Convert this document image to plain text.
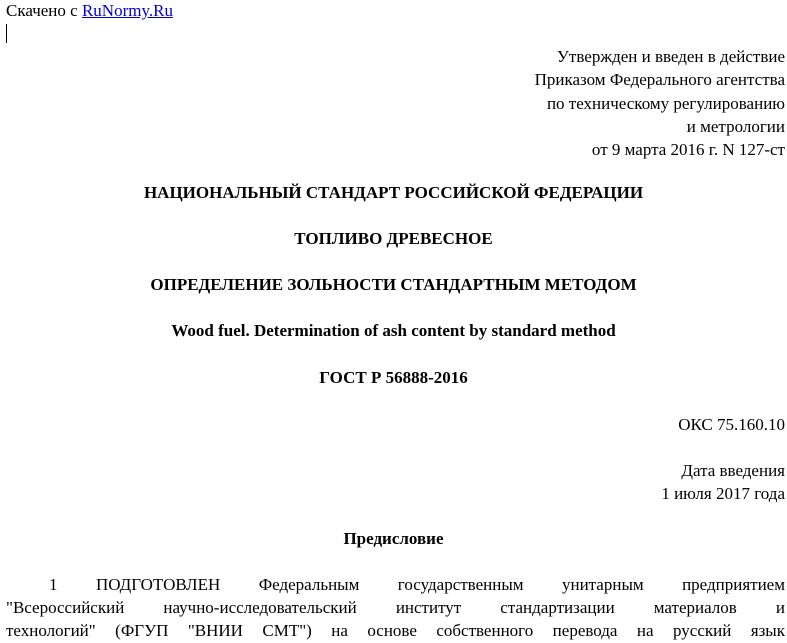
Скачено с RuNormy.Ru
Утвержден и введен в действие
Приказом Федерального агентства
по техническому регулированию
и метрологии
от 9 марта 2016 г. N 127-ст
НАЦИОНАЛЬНЫЙ СТАНДАРТ РОССИЙСКОЙ ФЕДЕРАЦИИ
ТОПЛИВО ДРЕВЕСНОЕ
ОПРЕДЕЛЕНИЕ ЗОЛЬНОСТИ СТАНДАРТНЫМ МЕТОДОМ
Wood fuel. Determination of ash content by standard method
ГОСТ Р 56888-2016
ОКС 75.160.10
Дата введения
1 июля 2017 года
Предисловие
1 ПОДГОТОВЛЕН Федеральным государственным унитарным предприятием
"Всероссийский научно-исследовательский институт стандартизации материалов и
технологий" (ФГУП "ВНИИ СМТ") на основе собственного перевода на русский язык
